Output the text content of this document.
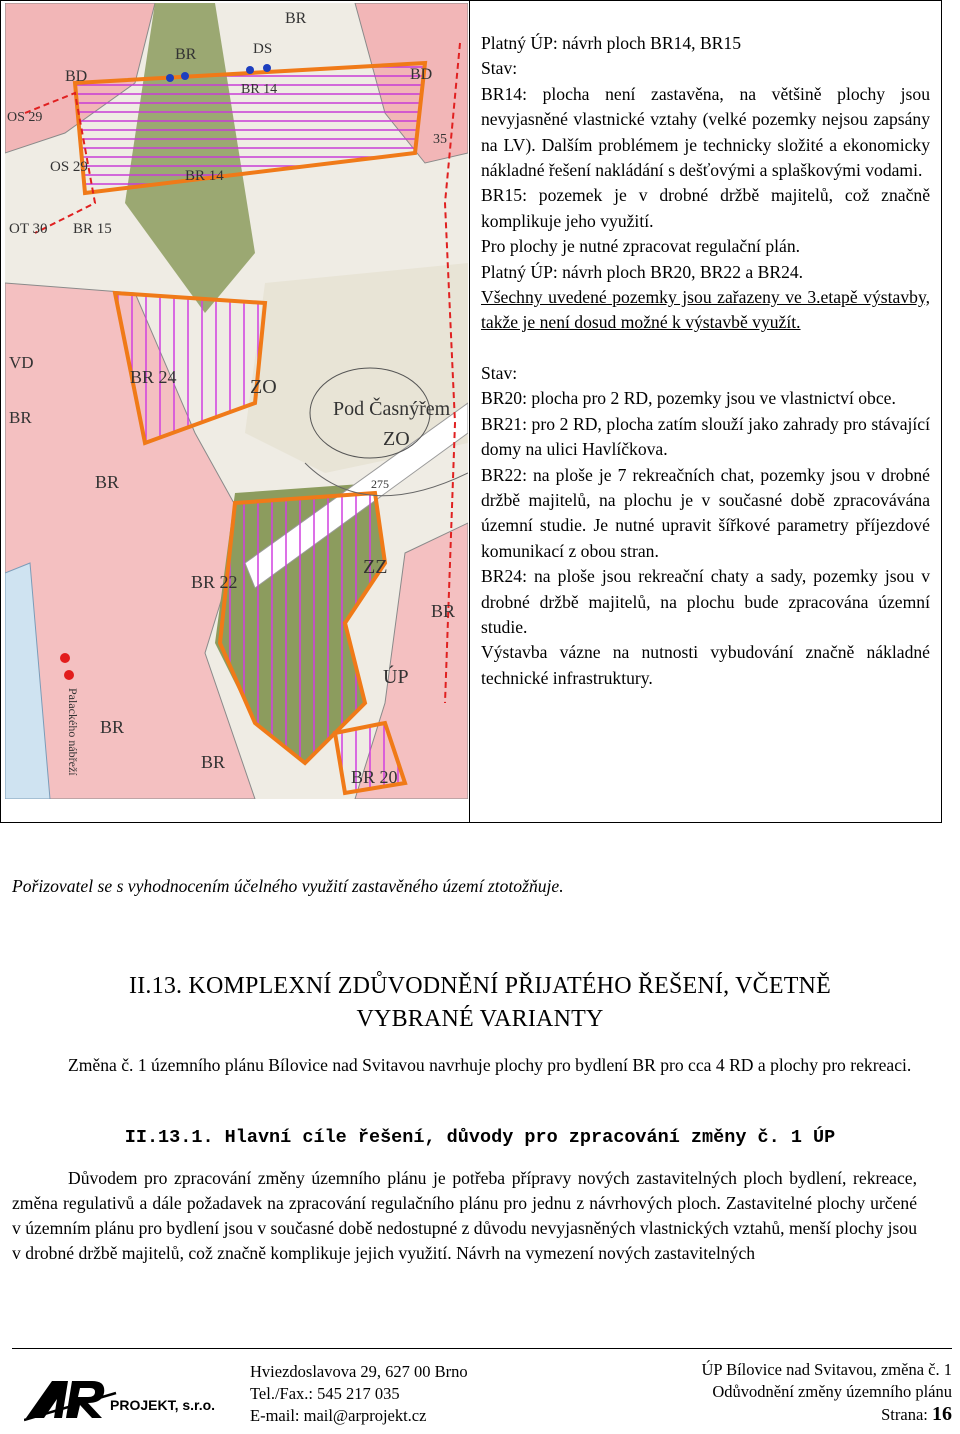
BR
BR
DS
BD	BD
BR 14
BR 14
OS 29
OS 29
OT 30 BR 15
35
VD
BR
BR 24	ZO
Pod Časnýřem
ZO
BR	275
BR 22
ZZ
BR
ÚP
BR
BR
BR 20
Palackého nábřeží

Platný ÚP: návrh ploch BR14, BR15

Stav:

BR14: plocha není zastavěna, na většině plochy jsou nevyjasněné vlastnické vztahy (velké pozemky nejsou zapsány na LV). Dalším problémem je technicky složité a ekonomicky nákladné řešení nakládání s dešťovými a splaškovými vodami.

BR15: pozemek je v drobné držbě majitelů, což značně komplikuje jeho využití.

Pro plochy je nutné zpracovat regulační plán.

Platný ÚP: návrh ploch BR20, BR22 a BR24.

Všechny uvedené pozemky jsou zařazeny ve 3.etapě výstavby, takže je není dosud možné k výstavbě využít.

Stav:

BR20: plocha pro 2 RD, pozemky jsou ve vlastnictví obce.

BR21: pro 2 RD, plocha zatím slouží jako zahrady pro stávající domy na ulici Havlíčkova.

BR22: na ploše je 7 rekreačních chat, pozemky jsou v drobné držbě majitelů, na plochu je v současné době zpracovávána územní studie. Je nutné upravit šířkové parametry příjezdové komunikací z obou stran.

BR24: na ploše jsou rekreační chaty a sady, pozemky jsou v drobné držbě majitelů, na plochu bude zpracována územní studie.

Výstavba vázne na nutnosti vybudování značně nákladné technické infrastruktury.

Pořizovatel se s vyhodnocením účelného využití zastavěného území ztotožňuje.
II.13. KOMPLEXNÍ ZDŮVODNĚNÍ PŘIJATÉHO ŘEŠENÍ, VČETNĚ
VYBRANÉ VARIANTY
Změna č. 1 územního plánu Bílovice nad Svitavou navrhuje plochy pro bydlení BR pro cca 4 RD a plochy pro rekreaci.
II.13.1. Hlavní cíle řešení, důvody pro zpracování změny č. 1 ÚP
Důvodem pro zpracování změny územního plánu je potřeba přípravy nových zastavitelných ploch bydlení, rekreace, změna regulativů a dále požadavek na zpracování regulačního plánu pro jednu z návrhových ploch. Zastavitelné plochy určené v územním plánu pro bydlení jsou v současné době nedostupné z důvodu nevyjasněných vlastnických vztahů, menší plochy jsou v drobné držbě majitelů, což značně komplikuje jejich využití. Návrh na vymezení nových zastavitelných
PROJEKT, s.r.o.
Hviezdoslavova 29, 627 00 Brno
Tel./Fax.: 545 217 035
E-mail: mail@arprojekt.cz
ÚP Bílovice nad Svitavou, změna č. 1
Odůvodnění změny územního plánu
Strana: 16
